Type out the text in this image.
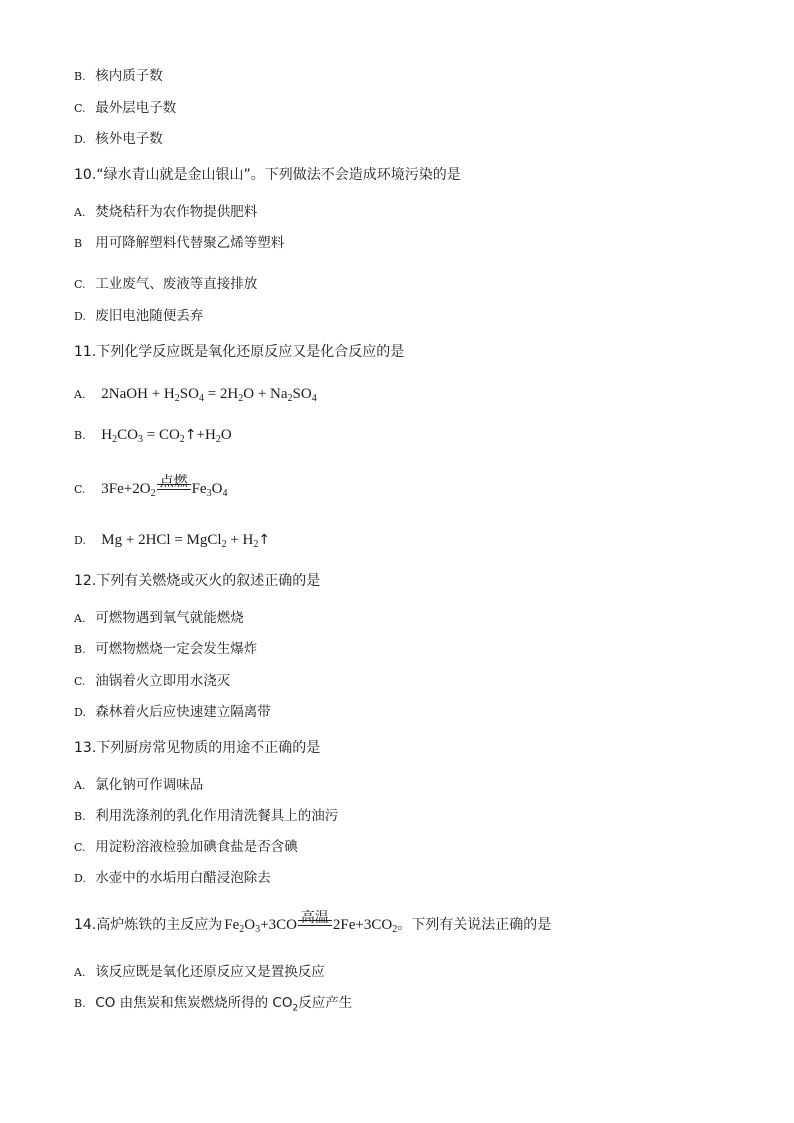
B. 核内质子数
C. 最外层电子数
D. 核外电子数
10.“绿水青山就是金山银山”。下列做法不会造成环境污染的是
A. 焚烧秸秆为农作物提供肥料
B 用可降解塑料代替聚乙烯等塑料
C. 工业废气、废液等直接排放
D. 废旧电池随便丢弃
11.下列化学反应既是氧化还原反应又是化合反应的是
A. 2NaOH + $H_2SO_4 = 2H_2O + Na_2SO_4$
B. $H_2CO_3$ = $CO_2↑+H_2O$
C. $3Fe+2O_2$
点燃 $Fe_3O_4$
D. Mg + 2HCl = MgCl$_2$ + $H_2↑$
12.下列有关燃烧或灭火的叙述正确的是
A. 可燃物遇到氧气就能燃烧
B. 可燃物燃烧一定会发生爆炸
C. 油锅着火立即用水浇灭
D. 森林着火后应快速建立隔离带
13.下列厨房常见物质的用途不正确的是
A. 氯化钠可作调味品
B. 利用洗涤剂的乳化作用清洗餐具上的油污
C. 用淀粉溶液检验加碘食盐是否含碘
D. 水壶中的水垢用白醋浸泡除去
14.高炉炼铁的主反应为 $Fe_2O_3+3CO$ 高温 $2Fe+3CO_2$。下列有关说法正确的是
A. 该反应既是氧化还原反应又是置换反应
B. CO 由焦炭和焦炭燃烧所得的 $CO_2$反应产生
